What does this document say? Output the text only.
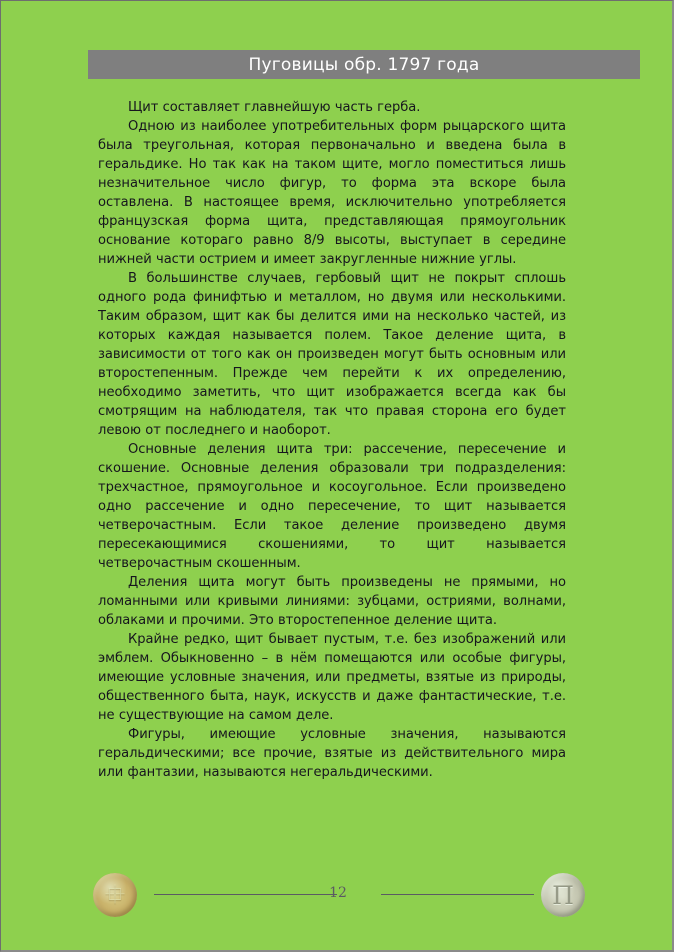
Пуговицы обр. 1797 года

Щит составляет главнейшую часть герба.

Одною из наиболее употребительных форм рыцарского щита была треугольная, которая первоначально и введена была в геральдике. Но так как на таком щите, могло поместиться лишь незначительное число фигур, то форма эта вскоре была оставлена. В настоящее время, исключительно употребляется французская форма щита, представляющая прямоугольник основание котораго равно 8/9 высоты, выступает в середине нижней части острием и имеет закругленные нижние углы.

В большинстве случаев, гербовый щит не покрыт сплошь одного рода финифтью и металлом, но двумя или несколькими. Таким образом, щит как бы делится ими на несколько частей, из которых каждая называется полем. Такое деление щита, в зависимости от того как он произведен могут быть основным или второстепенным. Прежде чем перейти к их определению, необходимо заметить, что щит изображается всегда как бы смотрящим на наблюдателя, так что правая сторона его будет левою от последнего и наоборот.

Основные деления щита три: рассечение, пересечение и скошение. Основные деления образовали три подразделения: трехчастное, прямоугольное и косоугольное. Если произведено одно рассечение и одно пересечение, то щит называется четверочастным. Если такое деление произведено двумя пересекающимися скошениями, то щит называется четверочастным скошенным.

Деления щита могут быть произведены не прямыми, но ломанными или кривыми линиями: зубцами, остриями, волнами, облаками и прочими. Это второстепенное деление щита.

Крайне редко, щит бывает пустым, т.е. без изображений или эмблем. Обыкновенно – в нём помещаются или особые фигуры, имеющие условные значения, или предметы, взятые из природы, общественного быта, наук, искусств и даже фантастические, т.е. не существующие на самом деле.

Фигуры, имеющие условные значения, называются геральдическими; все прочие, взятые из действительного мира или фантазии, называются негеральдическими.

⯐	12	Π
